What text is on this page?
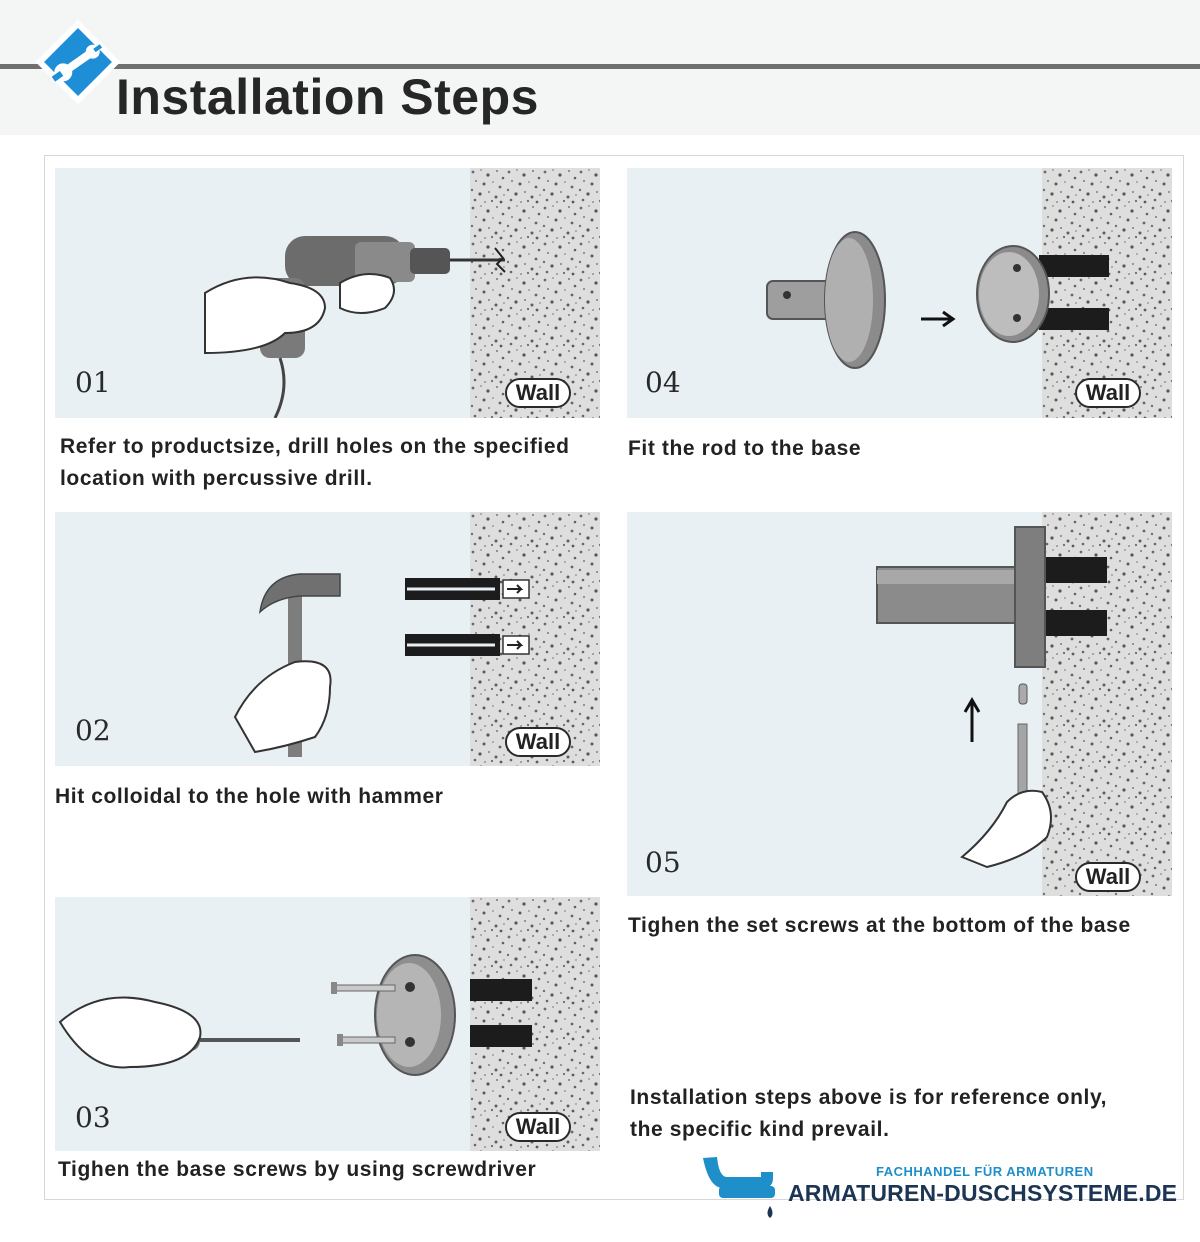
Installation Steps
01	Wall
Refer to productsize, drill holes on the specified
location with percussive drill.
02	Wall
Hit colloidal to the hole with hammer
03	Wall
Tighen the base screws by using screwdriver
04	Wall
Fit the rod to the base
05	Wall
Tighen the set screws at the bottom of the base
Installation steps above is for reference only,
the specific kind prevail.
FACHHANDEL FÜR ARMATUREN
ARMATUREN-DUSCHSYSTEME.DE
